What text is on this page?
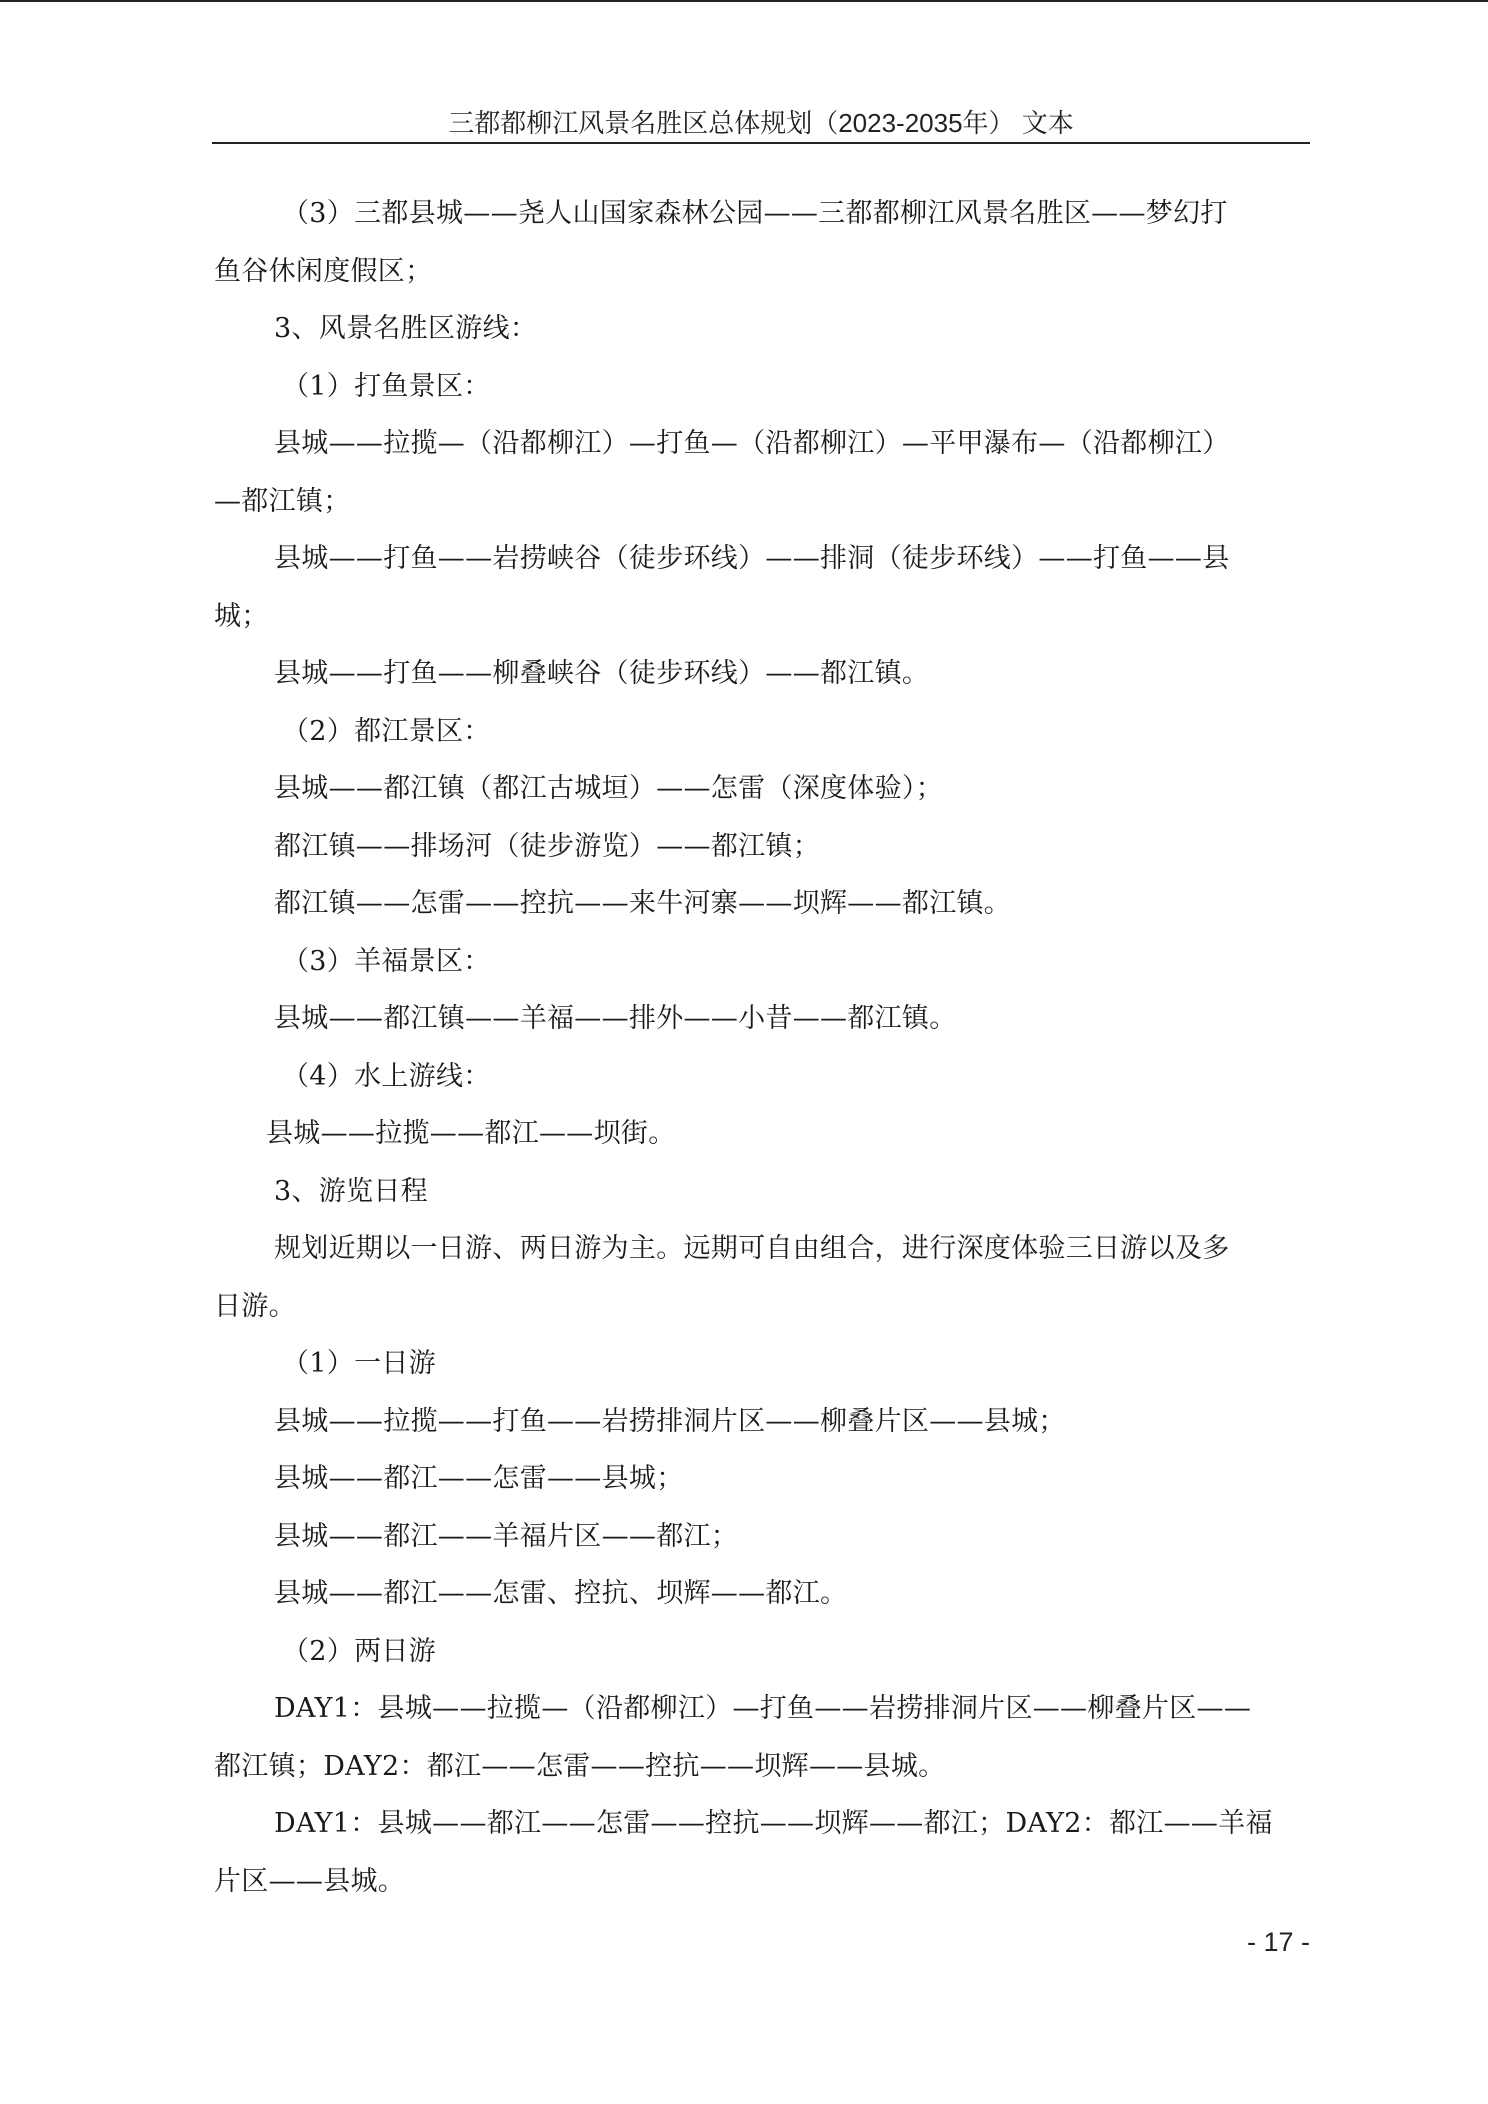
三都都柳江风景名胜区总体规划（2023-2035年） 文本
（3）三都县城——尧人山国家森林公园——三都都柳江风景名胜区——梦幻打
鱼谷休闲度假区；
3、风景名胜区游线：
（1）打鱼景区：
县城——拉揽—（沿都柳江）—打鱼—（沿都柳江）—平甲瀑布—（沿都柳江）
—都江镇；
县城——打鱼——岩捞峡谷（徒步环线）——排洞（徒步环线）——打鱼——县
城；
县城——打鱼——柳叠峡谷（徒步环线）——都江镇。
（2）都江景区：
县城——都江镇（都江古城垣）——怎雷（深度体验）；
都江镇——排场河（徒步游览）——都江镇；
都江镇——怎雷——控抗——来牛河寨——坝辉——都江镇。
（3）羊福景区：
县城——都江镇——羊福——排外——小昔——都江镇。
（4）水上游线：
县城——拉揽——都江——坝街。
3、游览日程
规划近期以一日游、两日游为主。远期可自由组合，进行深度体验三日游以及多
日游。
（1）一日游
县城——拉揽——打鱼——岩捞排洞片区——柳叠片区——县城；
县城——都江——怎雷——县城；
县城——都江——羊福片区——都江；
县城——都江——怎雷、控抗、坝辉——都江。
（2）两日游
DAY1：县城——拉揽—（沿都柳江）—打鱼——岩捞排洞片区——柳叠片区——
都江镇；DAY2：都江——怎雷——控抗——坝辉——县城。
DAY1：县城——都江——怎雷——控抗——坝辉——都江；DAY2：都江——羊福
片区——县城。
- 17 -
